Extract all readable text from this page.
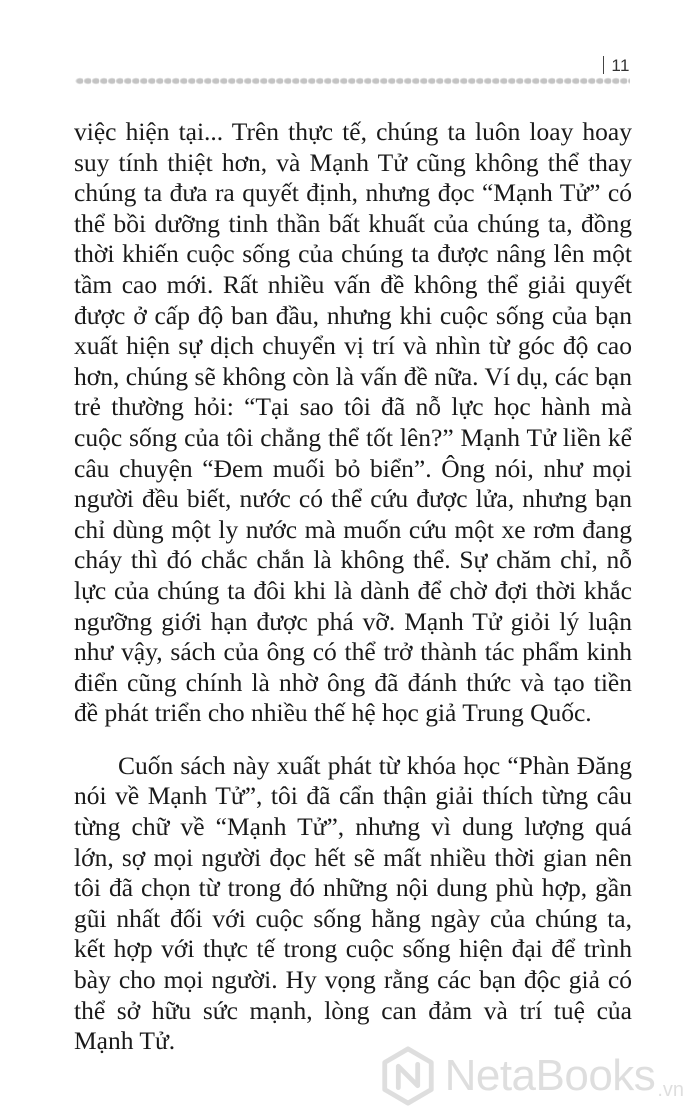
11

việc hiện tại... Trên thực tế, chúng ta luôn loay hoay suy tính thiệt hơn, và Mạnh Tử cũng không thể thay chúng ta đưa ra quyết định, nhưng đọc “Mạnh Tử” có thể bồi dưỡng tinh thần bất khuất của chúng ta, đồng thời khiến cuộc sống của chúng ta được nâng lên một tầm cao mới. Rất nhiều vấn đề không thể giải quyết được ở cấp độ ban đầu, nhưng khi cuộc sống của bạn xuất hiện sự dịch chuyển vị trí và nhìn từ góc độ cao hơn, chúng sẽ không còn là vấn đề nữa. Ví dụ, các bạn trẻ thường hỏi: “Tại sao tôi đã nỗ lực học hành mà cuộc sống của tôi chẳng thể tốt lên?” Mạnh Tử liền kể câu chuyện “Đem muối bỏ biển”. Ông nói, như mọi người đều biết, nước có thể cứu được lửa, nhưng bạn chỉ dùng một ly nước mà muốn cứu một xe rơm đang cháy thì đó chắc chắn là không thể. Sự chăm chỉ, nỗ lực của chúng ta đôi khi là dành để chờ đợi thời khắc ngưỡng giới hạn được phá vỡ. Mạnh Tử giỏi lý luận như vậy, sách của ông có thể trở thành tác phẩm kinh điển cũng chính là nhờ ông đã đánh thức và tạo tiền đề phát triển cho nhiều thế hệ học giả Trung Quốc.

Cuốn sách này xuất phát từ khóa học “Phàn Đăng nói về Mạnh Tử”, tôi đã cẩn thận giải thích từng câu từng chữ về “Mạnh Tử”, nhưng vì dung lượng quá lớn, sợ mọi người đọc hết sẽ mất nhiều thời gian nên tôi đã chọn từ trong đó những nội dung phù hợp, gần gũi nhất đối với cuộc sống hằng ngày của chúng ta, kết hợp với thực tế trong cuộc sống hiện đại để trình bày cho mọi người. Hy vọng rằng các bạn độc giả có thể sở hữu sức mạnh, lòng can đảm và trí tuệ của Mạnh Tử.

NetaBooks .vn
